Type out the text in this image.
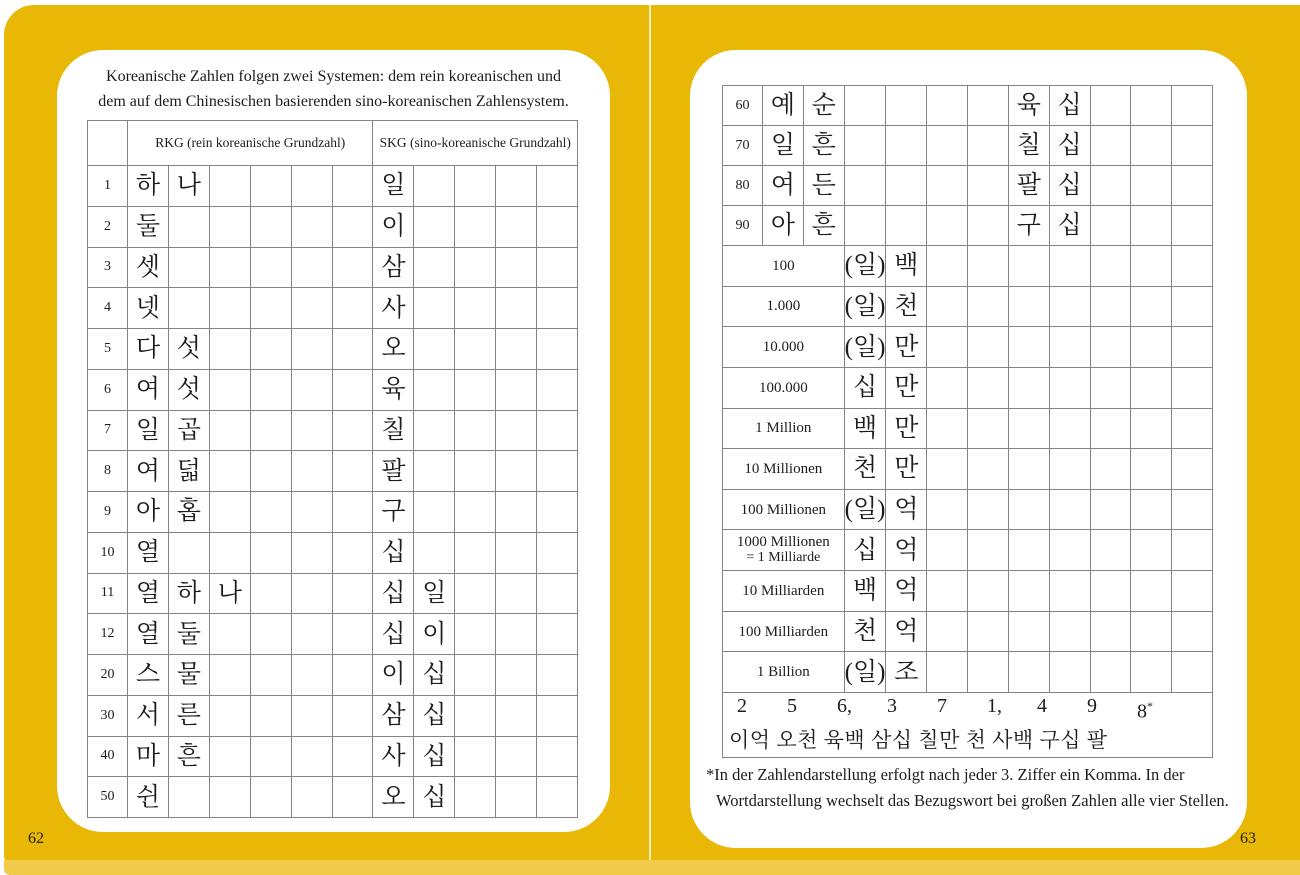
Koreanische Zahlen folgen zwei Systemen: dem rein koreanischen und
dem auf dem Chinesischen basierenden sino-koreanischen Zahlensystem.
RKG (rein koreanische Grundzahl)	SKG (sino-koreanische Grundzahl)
1 하 나	일
2 둘	이
3 셋	삼
4 넷	사
5 다 섯	오
6 여 섯	육
7 일 곱	칠
8 여 덟	팔
9 아 홉	구
10 열	십
11 열 하 나	십 일
12 열 둘	십 이
20 스 물	이 십
30 서 른	삼 십
40 마 흔	사 십
50 쉰	오 십
60 예 순	육 십
70 일 흔	칠 십
80 여 든	팔 십
90 아 흔	구 십
100 (일) 백
1.000 (일) 천
10.000 (일) 만
100.000	십 만
1 Million	백 만
10 Millionen	천 만
100 Millionen (일) 억
1000 Millionen
= 1 Milliarde	십 억
10 Milliarden	백 억
100 Milliarden 천 억
1 Billion (일) 조
2	5	6,	3	7	1,	4	9	8*
이억 오천 육백 삼십 칠만 천 사백 구십 팔
*In der Zahlendarstellung erfolgt nach jeder 3. Ziffer ein Komma. In der
Wortdarstellung wechselt das Bezugswort bei großen Zahlen alle vier Stellen.
62	63
